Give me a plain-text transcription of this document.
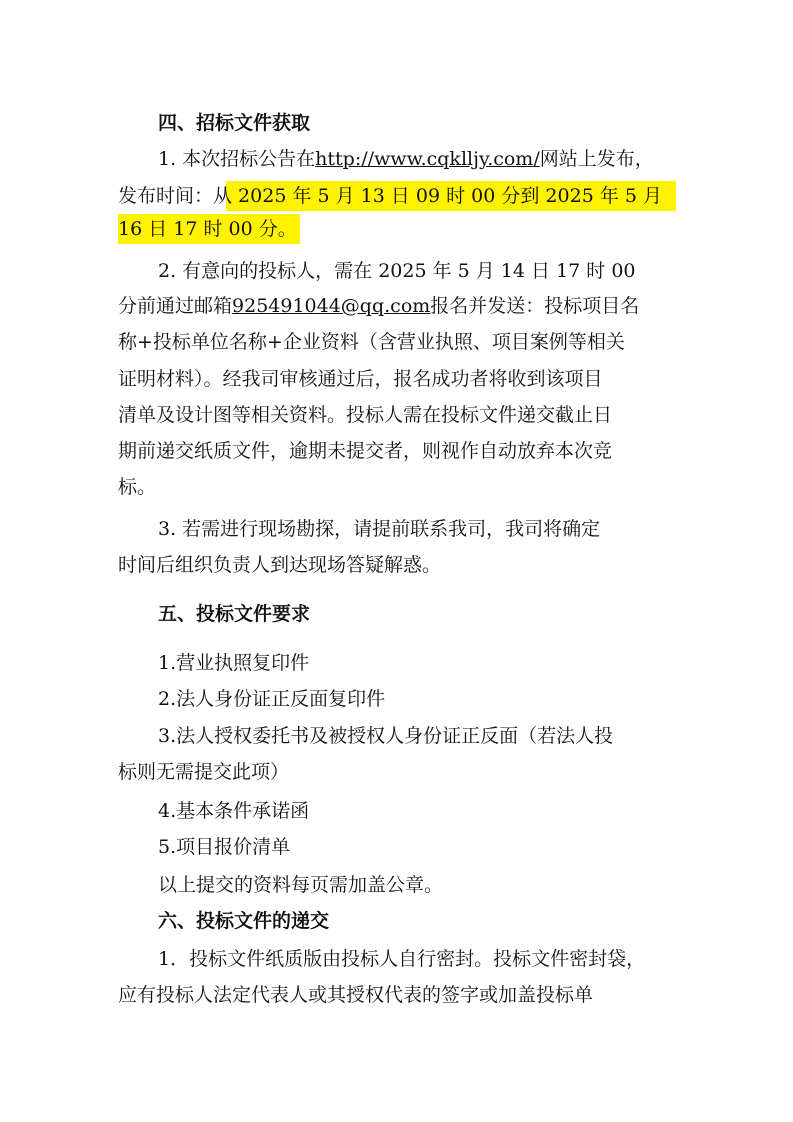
四、招标文件获取
1. 本次招标公告在http://www.cqklljy.com/网站上发布，
发布时间：从 2025 年 5 月 13 日 09 时 00 分到 2025 年 5 月
16 日 17 时 00 分。
2. 有意向的投标人，需在 2025 年 5 月 14 日 17 时 00
分前通过邮箱925491044@qq.com报名并发送：投标项目名
称+投标单位名称+企业资料（含营业执照、项目案例等相关
证明材料）。经我司审核通过后，报名成功者将收到该项目
清单及设计图等相关资料。投标人需在投标文件递交截止日
期前递交纸质文件，逾期未提交者，则视作自动放弃本次竞
标。
3. 若需进行现场勘探，请提前联系我司，我司将确定
时间后组织负责人到达现场答疑解惑。
五、投标文件要求
1.营业执照复印件
2.法人身份证正反面复印件
3.法人授权委托书及被授权人身份证正反面（若法人投
标则无需提交此项）
4.基本条件承诺函
5.项目报价清单
以上提交的资料每页需加盖公章。
六、投标文件的递交
1．投标文件纸质版由投标人自行密封。投标文件密封袋，
应有投标人法定代表人或其授权代表的签字或加盖投标单
